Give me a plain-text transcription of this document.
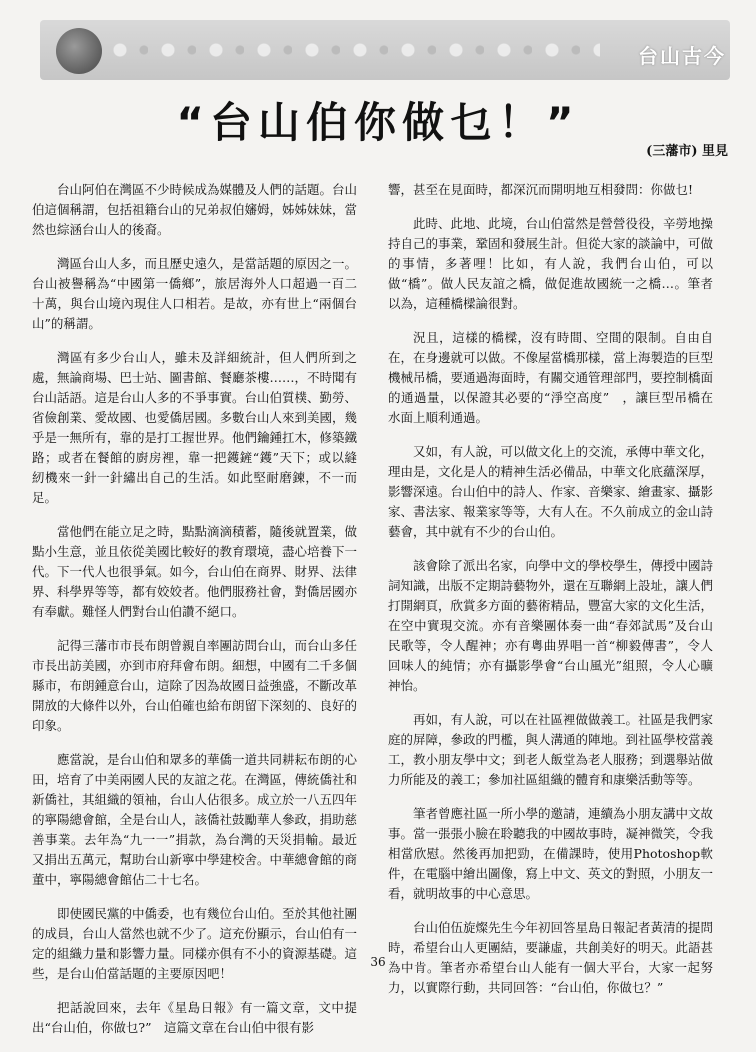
台山古今
“台山伯你做乜！”
(三藩市) 里見

台山阿伯在灣區不少時候成為媒體及人們的話題。台山伯這個稱謂，包括祖籍台山的兄弟叔伯嬸姆，姊姊妹妹，當然也綜涵台山人的後裔。

灣區台山人多，而且歷史遠久，是當話題的原因之一。台山被譽稱為“中國第一僑鄉”，旅居海外人口超過一百二十萬，與台山境內現住人口相若。是故，亦有世上“兩個台山”的稱謂。

灣區有多少台山人，雖未及詳細統計，但人們所到之處，無論商場、巴士站、圖書館、餐廳茶樓……，不時聞有台山話語。這是台山人多的不爭事實。台山伯質樸、勤勞、省儉創業、愛故國、也愛僑居國。多數台山人來到美國，幾乎是一無所有，靠的是打工握世界。他們鑰鍾扛木，修築鐵路；或者在餐館的廚房裡，靠一把鑊鏟“鑊”天下；或以縫紉機來一針一針繡出自己的生活。如此堅耐磨鍊，不一而足。

當他們在能立足之時，點點滴滴積蓄，隨後就置業，做點小生意，並且依從美國比較好的教育環境，盡心培養下一代。下一代人也很爭氣。如今，台山伯在商界、財界、法律界、科學界等等，都有姣姣者。他們服務社會，對僑居國亦有奉獻。難怪人們對台山伯讚不絕口。

記得三藩市市長布朗曾親自率團訪問台山，而台山多任市長出訪美國，亦到市府拜會布朗。細想，中國有二千多個縣市，布朗鍾意台山，這除了因為故國日益強盛，不斷改革開放的大條件以外，台山伯確也給布朗留下深刻的、良好的印象。

應當說，是台山伯和眾多的華僑一道共同耕耘布朗的心田，培育了中美兩國人民的友誼之花。在灣區，傳統僑社和新僑社，其組織的領袖，台山人佔很多。成立於一八五四年的寧陽總會館，全是台山人，該僑社鼓勵華人參政，捐助慈善事業。去年為“九一一”捐款，為台灣的天災捐輸。最近又捐出五萬元，幫助台山新寧中學建校舍。中華總會館的商董中，寧陽總會館佔二十七名。

即使國民黨的中僑委，也有幾位台山伯。至於其他社團的成員，台山人當然也就不少了。這充份顯示，台山伯有一定的組織力量和影響力量。同樣亦俱有不小的資源基礎。這些，是台山伯當話題的主要原因吧！

把話說回來，去年《星島日報》有一篇文章，文中提出“台山伯，你做乜?”　這篇文章在台山伯中很有影

響，甚至在見面時，都深沉而開明地互相發問：你做乜!

此時、此地、此境，台山伯當然是營營役役，辛勞地操持自己的事業，鞏固和發展生計。但從大家的談論中，可做的事情，多著哩！比如，有人說，我們台山伯，可以做“橋”。做人民友誼之橋，做促進故國統一之橋…。筆者以為，這種橋樑論很對。

況且，這樣的橋樑，沒有時間、空間的限制。自由自在，在身邊就可以做。不像屋當橋那樣，當上海製造的巨型機械吊橋，要通過海面時，有關交通管理部門，要控制橋面的通過量，以保證其必要的“淨空高度”　，讓巨型吊橋在水面上順利通過。

又如，有人說，可以做文化上的交流，承傳中華文化，理由是，文化是人的精神生活必備品，中華文化底蘊深厚，影響深遠。台山伯中的詩人、作家、音樂家、繪畫家、攝影家、書法家、報業家等等，大有人在。不久前成立的金山詩藝會，其中就有不少的台山伯。

該會除了派出名家，向學中文的學校學生，傳授中國詩詞知識，出版不定期詩藝物外，還在互聯網上設址，讓人們打開網頁，欣賞多方面的藝術精品，豐富大家的文化生活，在空中實現交流。亦有音樂團体奏一曲“春郊試馬”及台山民歌等，令人醒神；亦有粵曲界唱一首“柳毅傳書”，令人回味人的純情；亦有攝影學會“台山風光”組照，令人心曠神怡。

再如，有人說，可以在社區裡做做義工。社區是我們家庭的屏障，參政的門檻，與人溝通的陣地。到社區學校當義工，教小朋友學中文；到老人飯堂為老人服務；到選舉站做力所能及的義工；參加社區組織的體育和康樂活動等等。

筆者曾應社區一所小學的邀請，連續為小朋友講中文故事。當一張張小臉在聆聽我的中國故事時，凝神微笑，令我相當欣慰。然後再加把勁，在備課時，使用Photoshop軟件，在電腦中繪出圖像，寫上中文、英文的對照，小朋友一看，就明故事的中心意思。

台山伯伍旋燦先生今年初回答星島日報記者黃清的提問時，希望台山人更團結，要謙虛，共創美好的明天。此語甚為中肯。筆者亦希望台山人能有一個大平台，大家一起努力，以實際行動，共同回答：“台山伯，你做乜？”

36
